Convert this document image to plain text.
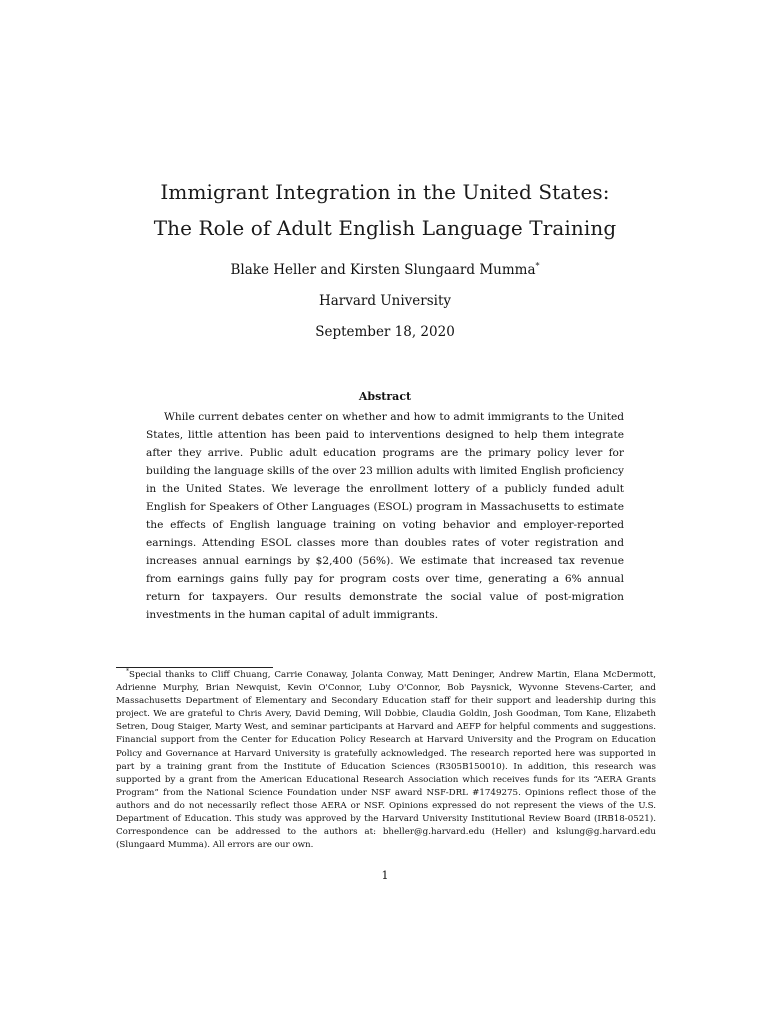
Immigrant Integration in the United States:
The Role of Adult English Language Training
Blake Heller and Kirsten Slungaard Mumma*
Harvard University
September 18, 2020
Abstract

While current debates center on whether and how to admit immigrants to the United States, little attention has been paid to interventions designed to help them integrate after they arrive. Public adult education programs are the primary policy lever for building the language skills of the over 23 million adults with limited English proficiency in the United States. We leverage the enrollment lottery of a publicly funded adult English for Speakers of Other Languages (ESOL) program in Massachusetts to estimate the effects of English language training on voting behavior and employer-reported earnings. Attending ESOL classes more than doubles rates of voter registration and increases annual earnings by $2,400 (56%). We estimate that increased tax revenue from earnings gains fully pay for program costs over time, generating a 6% annual return for taxpayers. Our results demonstrate the social value of post-migration investments in the human capital of adult immigrants.

*Special thanks to Cliff Chuang, Carrie Conaway, Jolanta Conway, Matt Deninger, Andrew Martin, Elana McDermott, Adrienne Murphy, Brian Newquist, Kevin O'Connor, Luby O'Connor, Bob Paysnick, Wyvonne Stevens-Carter, and Massachusetts Department of Elementary and Secondary Education staff for their support and leadership during this project. We are grateful to Chris Avery, David Deming, Will Dobbie, Claudia Goldin, Josh Goodman, Tom Kane, Elizabeth Setren, Doug Staiger, Marty West, and seminar participants at Harvard and AEFP for helpful comments and suggestions. Financial support from the Center for Education Policy Research at Harvard University and the Program on Education Policy and Governance at Harvard University is gratefully acknowledged. The research reported here was supported in part by a training grant from the Institute of Education Sciences (R305B150010). In addition, this research was supported by a grant from the American Educational Research Association which receives funds for its “AERA Grants Program” from the National Science Foundation under NSF award NSF-DRL #1749275. Opinions reflect those of the authors and do not necessarily reflect those AERA or NSF. Opinions expressed do not represent the views of the U.S. Department of Education. This study was approved by the Harvard University Institutional Review Board (IRB18-0521). Correspondence can be addressed to the authors at: bheller@g.harvard.edu (Heller) and kslung@g.harvard.edu (Slungaard Mumma). All errors are our own.

1
